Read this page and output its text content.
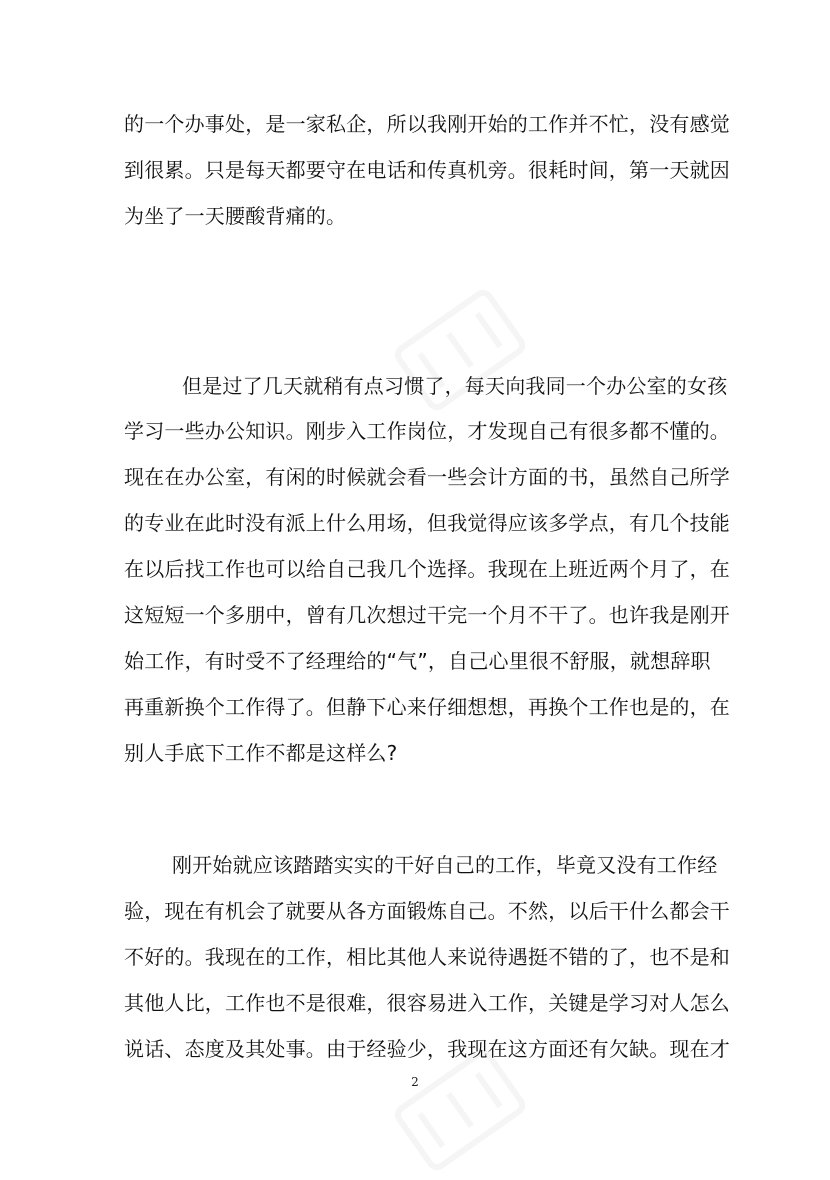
的一个办事处，是一家私企，所以我刚开始的工作并不忙，没有感觉
到很累。只是每天都要守在电话和传真机旁。很耗时间，第一天就因
为坐了一天腰酸背痛的。
但是过了几天就稍有点习惯了，每天向我同一个办公室的女孩
学习一些办公知识。刚步入工作岗位，才发现自己有很多都不懂的。
现在在办公室，有闲的时候就会看一些会计方面的书，虽然自己所学
的专业在此时没有派上什么用场，但我觉得应该多学点，有几个技能
在以后找工作也可以给自己我几个选择。我现在上班近两个月了，在
这短短一个多朋中，曾有几次想过干完一个月不干了。也许我是刚开
始工作，有时受不了经理给的“气”，自己心里很不舒服，就想辞职
再重新换个工作得了。但静下心来仔细想想，再换个工作也是的，在
别人手底下工作不都是这样么?
刚开始就应该踏踏实实的干好自己的工作，毕竟又没有工作经
验，现在有机会了就要从各方面锻炼自己。不然，以后干什么都会干
不好的。我现在的工作，相比其他人来说待遇挺不错的了，也不是和
其他人比，工作也不是很难，很容易进入工作，关键是学习对人怎么
说话、态度及其处事。由于经验少，我现在这方面还有欠缺。现在才
2
